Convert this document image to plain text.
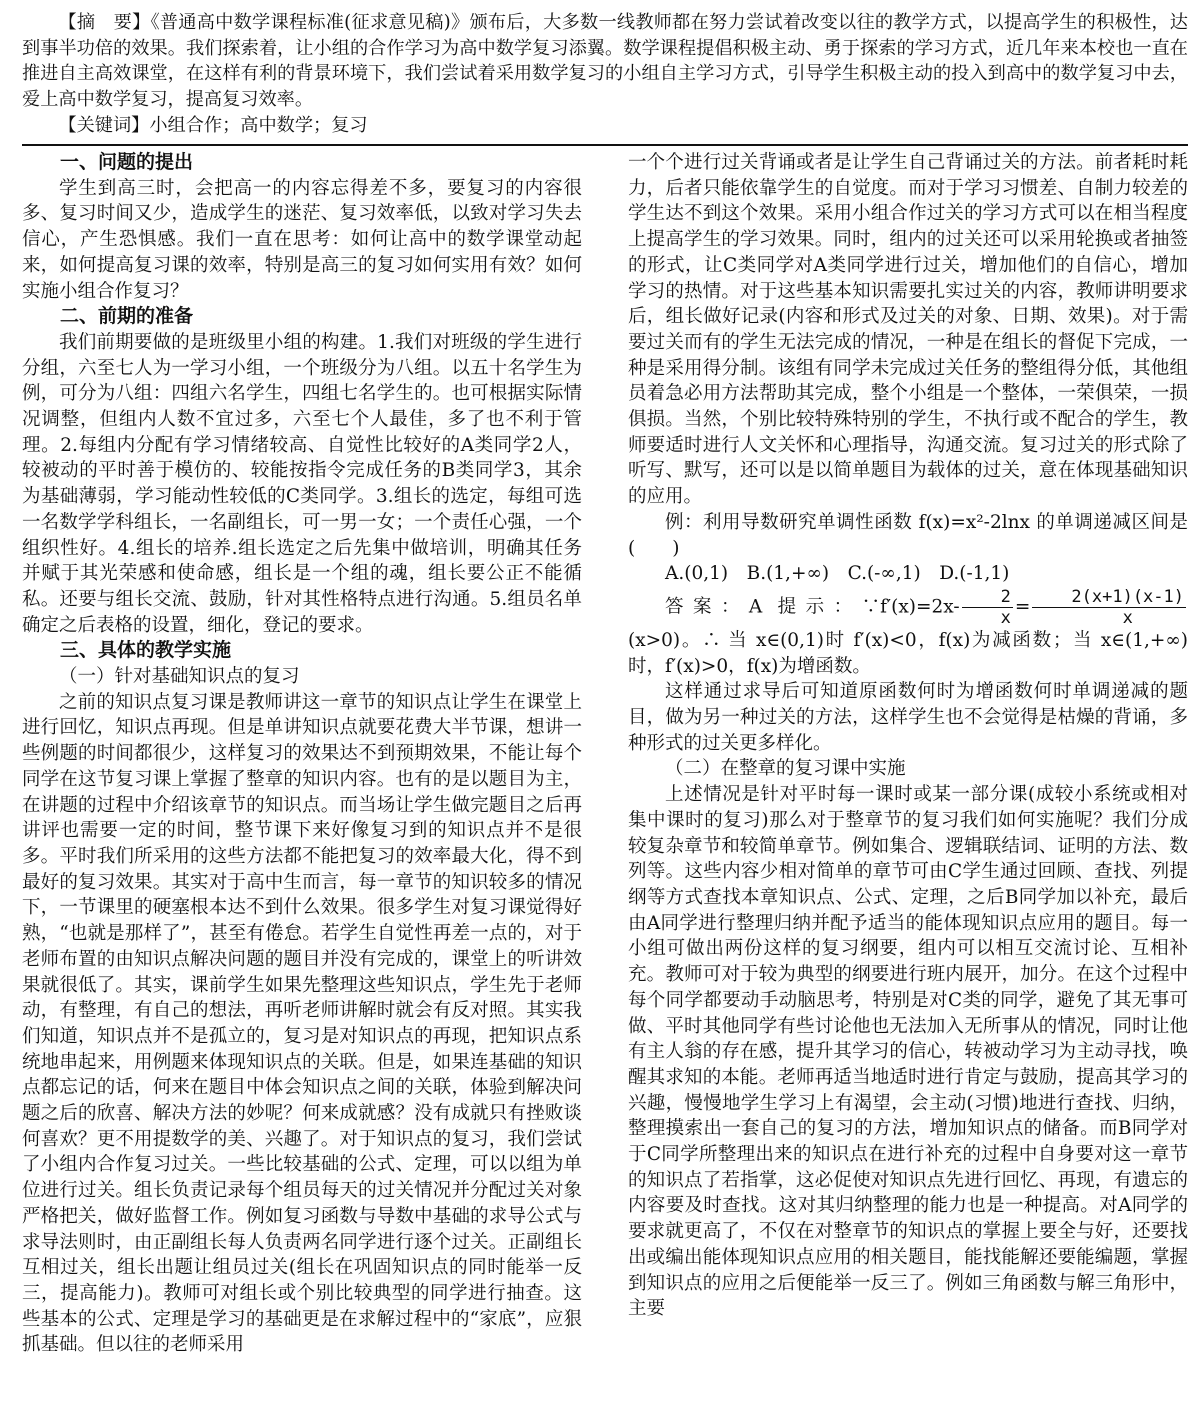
【摘　要】《普通高中数学课程标准(征求意见稿)》颁布后，大多数一线教师都在努力尝试着改变以往的教学方式，以提高学生的积极性，达到事半功倍的效果。我们探索着，让小组的合作学习为高中数学复习添翼。数学课程提倡积极主动、勇于探索的学习方式，近几年来本校也一直在推进自主高效课堂，在这样有利的背景环境下，我们尝试着采用数学复习的小组自主学习方式，引导学生积极主动的投入到高中的数学复习中去，爱上高中数学复习，提高复习效率。

【关键词】小组合作；高中数学；复习

一、问题的提出

学生到高三时，会把高一的内容忘得差不多，要复习的内容很多、复习时间又少，造成学生的迷茫、复习效率低，以致对学习失去信心，产生恐惧感。我们一直在思考：如何让高中的数学课堂动起来，如何提高复习课的效率，特别是高三的复习如何实用有效？如何实施小组合作复习？

二、前期的准备

我们前期要做的是班级里小组的构建。1.我们对班级的学生进行分组，六至七人为一学习小组，一个班级分为八组。以五十名学生为例，可分为八组：四组六名学生，四组七名学生的。也可根据实际情况调整，但组内人数不宜过多，六至七个人最佳，多了也不利于管理。2.每组内分配有学习情绪较高、自觉性比较好的A类同学2人，较被动的平时善于模仿的、较能按指令完成任务的B类同学3，其余为基础薄弱，学习能动性较低的C类同学。3.组长的选定，每组可选一名数学学科组长，一名副组长，可一男一女；一个责任心强，一个组织性好。4.组长的培养.组长选定之后先集中做培训，明确其任务并赋于其光荣感和使命感，组长是一个组的魂，组长要公正不能循私。还要与组长交流、鼓励，针对其性格特点进行沟通。5.组员名单确定之后表格的设置，细化，登记的要求。

三、具体的教学实施
（一）针对基础知识点的复习

之前的知识点复习课是教师讲这一章节的知识点让学生在课堂上进行回忆，知识点再现。但是单讲知识点就要花费大半节课，想讲一些例题的时间都很少，这样复习的效果达不到预期效果，不能让每个同学在这节复习课上掌握了整章的知识内容。也有的是以题目为主，在讲题的过程中介绍该章节的知识点。而当场让学生做完题目之后再讲评也需要一定的时间，整节课下来好像复习到的知识点并不是很多。平时我们所采用的这些方法都不能把复习的效率最大化，得不到最好的复习效果。其实对于高中生而言，每一章节的知识较多的情况下，一节课里的硬塞根本达不到什么效果。很多学生对复习课觉得好熟，“也就是那样了”，甚至有倦怠。若学生自觉性再差一点的，对于老师布置的由知识点解决问题的题目并没有完成的，课堂上的听讲效果就很低了。其实，课前学生如果先整理这些知识点，学生先于老师动，有整理，有自己的想法，再听老师讲解时就会有反对照。其实我们知道，知识点并不是孤立的，复习是对知识点的再现，把知识点系统地串起来，用例题来体现知识点的关联。但是，如果连基础的知识点都忘记的话，何来在题目中体会知识点之间的关联，体验到解决问题之后的欣喜、解决方法的妙呢？何来成就感？没有成就只有挫败谈何喜欢？更不用提数学的美、兴趣了。对于知识点的复习，我们尝试了小组内合作复习过关。一些比较基础的公式、定理，可以以组为单位进行过关。组长负责记录每个组员每天的过关情况并分配过关对象严格把关，做好监督工作。例如复习函数与导数中基础的求导公式与求导法则时，由正副组长每人负责两名同学进行逐个过关。正副组长互相过关，组长出题让组员过关(组长在巩固知识点的同时能举一反三，提高能力)。教师可对组长或个别比较典型的同学进行抽查。这些基本的公式、定理是学习的基础更是在求解过程中的“家底”，应狠抓基础。但以往的老师采用

一个个进行过关背诵或者是让学生自己背诵过关的方法。前者耗时耗力，后者只能依靠学生的自觉度。而对于学习习惯差、自制力较差的学生达不到这个效果。采用小组合作过关的学习方式可以在相当程度上提高学生的学习效果。同时，组内的过关还可以采用轮换或者抽签的形式，让C类同学对A类同学进行过关，增加他们的自信心，增加学习的热情。对于这些基本知识需要扎实过关的内容，教师讲明要求后，组长做好记录(内容和形式及过关的对象、日期、效果)。对于需要过关而有的学生无法完成的情况，一种是在组长的督促下完成，一种是采用得分制。该组有同学未完成过关任务的整组得分低，其他组员着急必用方法帮助其完成，整个小组是一个整体，一荣俱荣，一损俱损。当然，个别比较特殊特别的学生，不执行或不配合的学生，教师要适时进行人文关怀和心理指导，沟通交流。复习过关的形式除了听写、默写，还可以是以简单题目为载体的过关，意在体现基础知识的应用。

例：利用导数研究单调性函数 f(x)=x²-2lnx 的单调递减区间是(　　)

A.(0,1)　B.(1,+∞)　C.(-∞,1)　D.(-1,1)

答案：A 提示：∵f′(x)=2x- $\frac{2}{x} = \frac{2(x+1)(x-1)}{x}$
(x>0)。∴ 当 x∈(0,1)时 f′(x)<0，f(x)为减函数；当 x∈(1,+∞)时，f′(x)>0，f(x)为增函数。

这样通过求导后可知道原函数何时为增函数何时单调递减的题目，做为另一种过关的方法，这样学生也不会觉得是枯燥的背诵，多种形式的过关更多样化。

（二）在整章的复习课中实施

上述情况是针对平时每一课时或某一部分课(成较小系统或相对集中课时的复习)那么对于整章节的复习我们如何实施呢？我们分成较复杂章节和较简单章节。例如集合、逻辑联结词、证明的方法、数列等。这些内容少相对简单的章节可由C学生通过回顾、查找、列提纲等方式查找本章知识点、公式、定理，之后B同学加以补充，最后由A同学进行整理归纳并配予适当的能体现知识点应用的题目。每一小组可做出两份这样的复习纲要，组内可以相互交流讨论、互相补充。教师可对于较为典型的纲要进行班内展开，加分。在这个过程中每个同学都要动手动脑思考，特别是对C类的同学，避免了其无事可做、平时其他同学有些讨论他也无法加入无所事从的情况，同时让他有主人翁的存在感，提升其学习的信心，转被动学习为主动寻找，唤醒其求知的本能。老师再适当地适时进行肯定与鼓励，提高其学习的兴趣，慢慢地学生学习上有渴望，会主动(习惯)地进行查找、归纳，整理摸索出一套自己的复习的方法，增加知识点的储备。而B同学对于C同学所整理出来的知识点在进行补充的过程中自身要对这一章节的知识点了若指掌，这必促使对知识点先进行回忆、再现，有遗忘的内容要及时查找。这对其归纳整理的能力也是一种提高。对A同学的要求就更高了，不仅在对整章节的知识点的掌握上要全与好，还要找出或编出能体现知识点应用的相关题目，能找能解还要能编题，掌握到知识点的应用之后便能举一反三了。例如三角函数与解三角形中，主要
